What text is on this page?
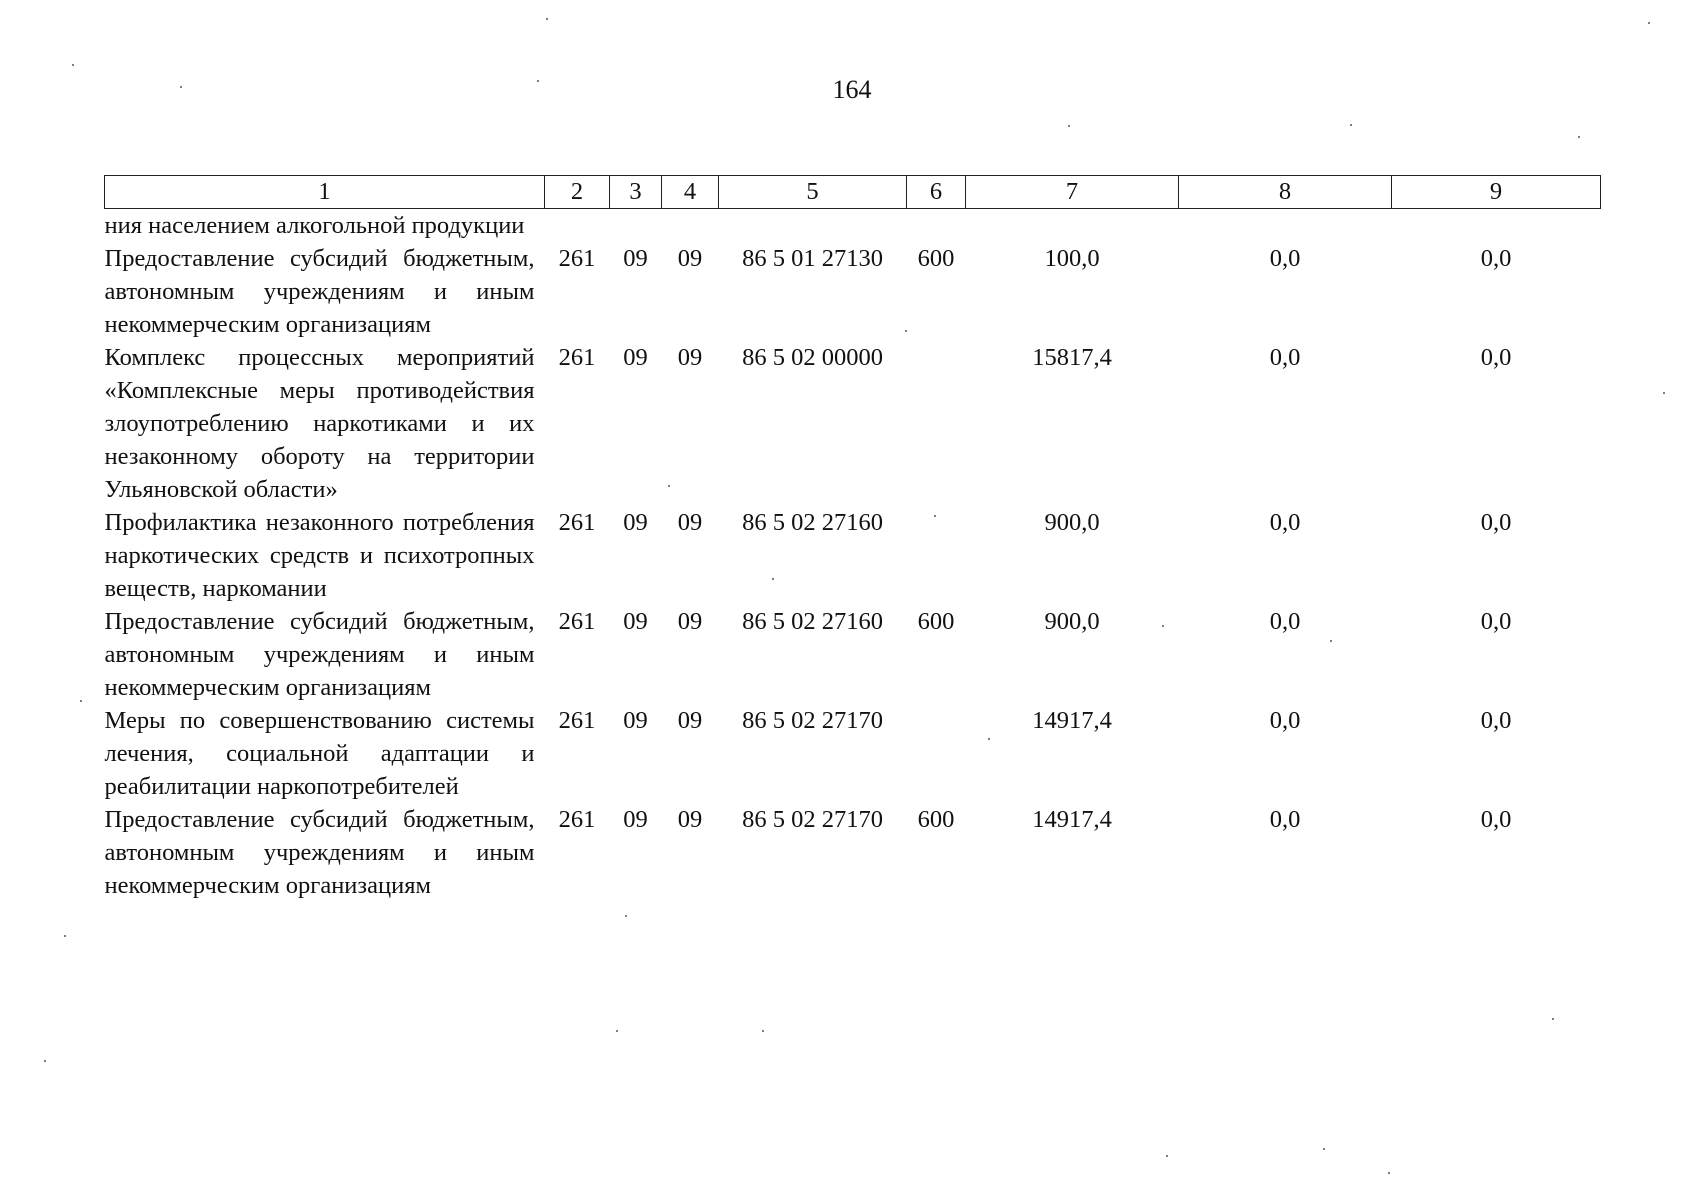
164
1	2	3	4	5	6	7	8	9
ния населением алкогольной продукции								
Предоставление субсидий бюджетным, автономным учреждениям и иным некоммерческим организациям	261	09	09	86 5 01 27130	600	100,0	0,0	0,0
Комплекс процессных мероприятий «Комплексные меры противодействия злоупотреблению наркотиками и их незаконному обороту на территории Ульяновской области»	261	09	09	86 5 02 00000		15817,4	0,0	0,0
Профилактика незаконного потребления наркотических средств и психотропных веществ, наркомании	261	09	09	86 5 02 27160		900,0	0,0	0,0
Предоставление субсидий бюджетным, автономным учреждениям и иным некоммерческим организациям	261	09	09	86 5 02 27160	600	900,0	0,0	0,0
Меры по совершенствованию системы лечения, социальной адаптации и реабилитации наркопотребителей	261	09	09	86 5 02 27170		14917,4	0,0	0,0
Предоставление субсидий бюджетным, автономным учреждениям и иным некоммерческим организациям	261	09	09	86 5 02 27170	600	14917,4	0,0	0,0
